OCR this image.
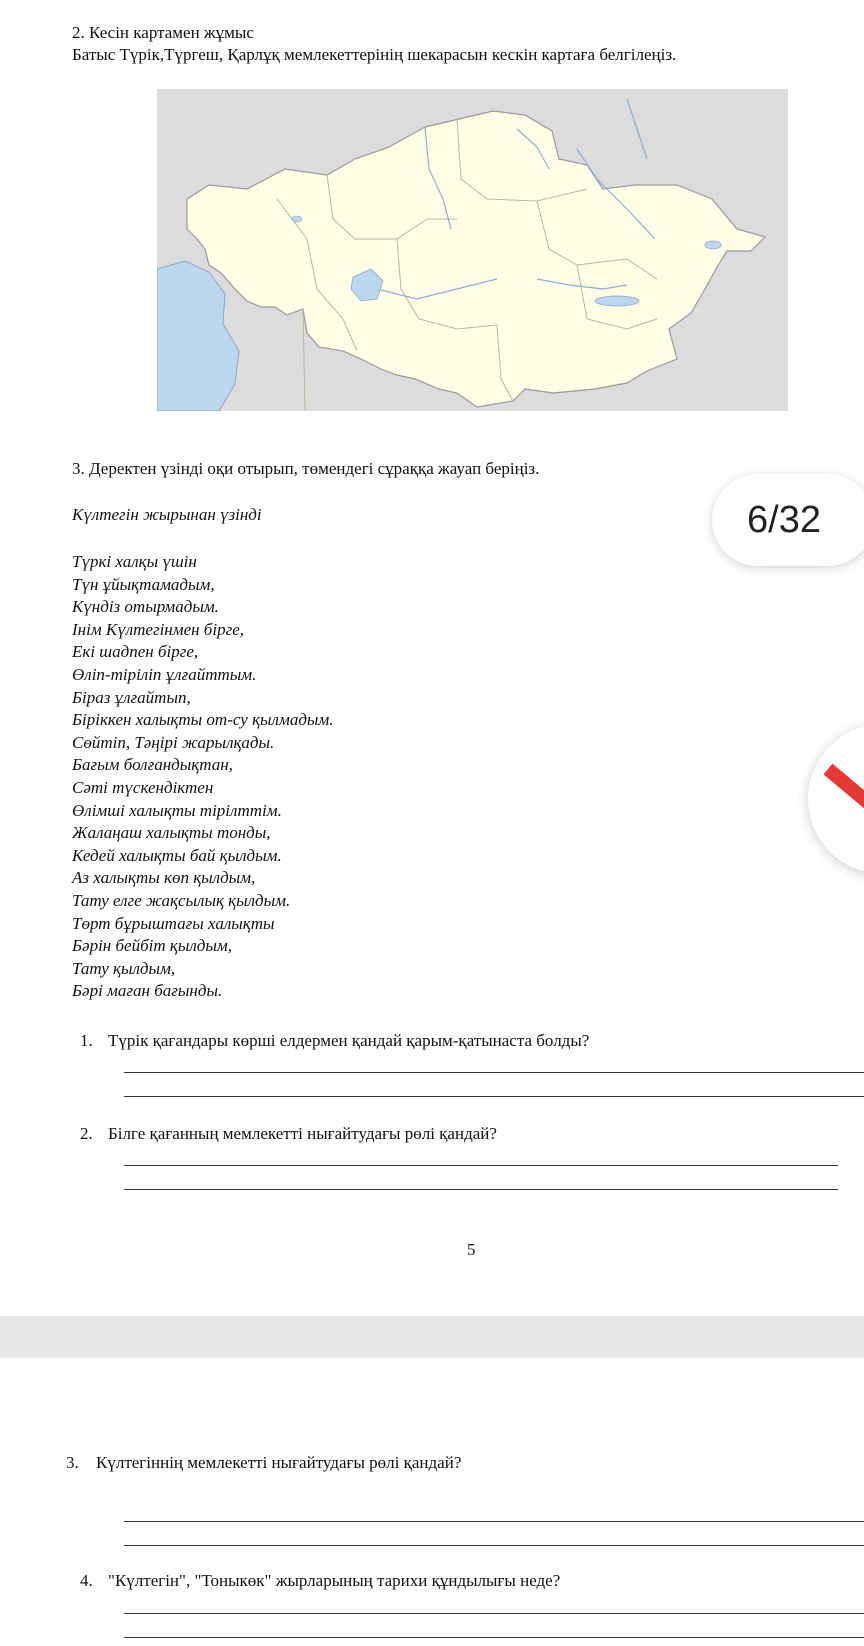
2. Кесін картамен жұмыс
Батыс Түрік,Түргеш, Қарлұқ мемлекеттерінің шекарасын кескін картаға белгілеңіз.
3. Деректен үзінді оқи отырып, төмендегі сұраққа жауап беріңіз.
Күлтегін жырынан үзінді
Түркі халқы үшін
Түн ұйықтамадым,
Күндіз отырмадым.
Інім Күлтегінмен бірге,
Екі шадпен бірге,
Өліп-тіріліп ұлғайттым.
Біраз ұлғайтып,
Біріккен халықты от-су қылмадым.
Сөйтіп, Тәңірі жарылқады.
Бағым болғандықтан,
Сәті түскендіктен
Өлімші халықты тірілттім.
Жалаңаш халықты тонды,
Кедей халықты бай қылдым.
Аз халықты көп қылдым,
Тату елге жақсылық қылдым.
Төрт бұрыштағы халықты
Бәрін бейбіт қылдым,
Тату қылдым,
Бәрі маған бағынды.
1. Түрік қағандары көрші елдермен қандай қарым-қатынаста болды?
2. Білге қағанның мемлекетті нығайтудағы рөлі қандай?
5
3. Күлтегіннің мемлекетті нығайтудағы рөлі қандай?
4. "Күлтегін", "Тоныкөк" жырларының тарихи құндылығы неде?
6/32
